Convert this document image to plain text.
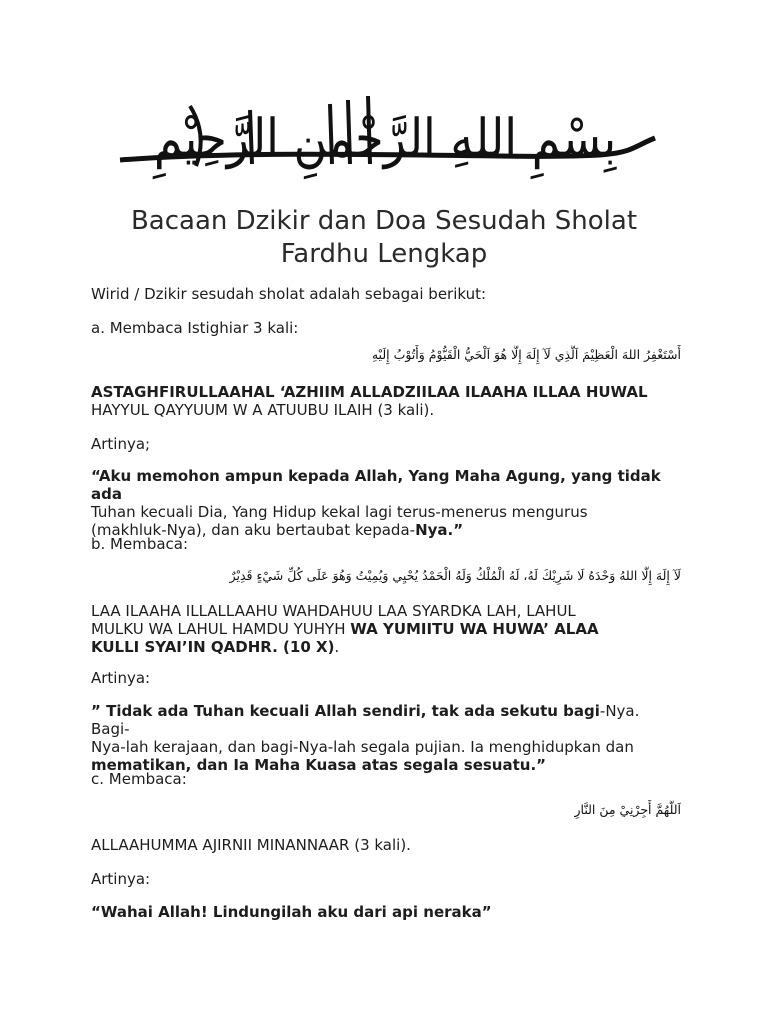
بِسْمِ اللهِ الرَّحْمنِ الرَّحِيْمِ
Bacaan Dzikir dan Doa Sesudah Sholat
Fardhu Lengkap
Wirid / Dzikir sesudah sholat adalah sebagai berikut:
a. Membaca Istighiar 3 kali:
أَسْتَغْفِرُ اللهَ الْعَظِيْمَ اَلَّذِي لَآ إِلَهَ إِلَّا هُوَ اَلْحَيُّ الْقَيُّوْمُ وَأَتُوْبُ إِلَيْهِ
ASTAGHFIRULLAAHAL ‘AZHIIM ALLADZIILAA ILAAHA ILLAA HUWAL
HAYYUL QAYYUUM W A ATUUBU ILAIH (3 kali).
Artinya;
“Aku memohon ampun kepada Allah, Yang Maha Agung, yang tidak ada
Tuhan kecuali Dia, Yang Hidup kekal lagi terus-menerus mengurus
(makhluk-Nya), dan aku bertaubat kepada-Nya.”
b. Membaca:
لَآ إِلَهَ إِلَّا اللهُ وَحْدَهُ لَا شَرِيْكَ لَهُ، لَهُ الْمُلْكُ وَلَهُ الْحَمْدُ يُحْيِي وَيُمِيْتُ وَهُوَ عَلَى كُلِّ شَيْءٍ قَدِيْرٌ
LAA ILAAHA ILLALLAAHU WAHDAHUU LAA SYARDKA LAH, LAHUL
MULKU WA LAHUL HAMDU YUHYH WA YUMIITU WA HUWA’ ALAA
KULLI SYAI’IN QADHR. (10 X).
Artinya:
” Tidak ada Tuhan kecuali Allah sendiri, tak ada sekutu bagi-Nya. Bagi-
Nya-lah kerajaan, dan bagi-Nya-lah segala pujian. Ia menghidupkan dan
mematikan, dan Ia Maha Kuasa atas segala sesuatu.”
c. Membaca:
اَللَّهُمَّ أَجِرْنِيْ مِنَ النَّارِ
ALLAAHUMMA AJIRNII MINANNAAR (3 kali).
Artinya:
“Wahai Allah! Lindungilah aku dari api neraka”
